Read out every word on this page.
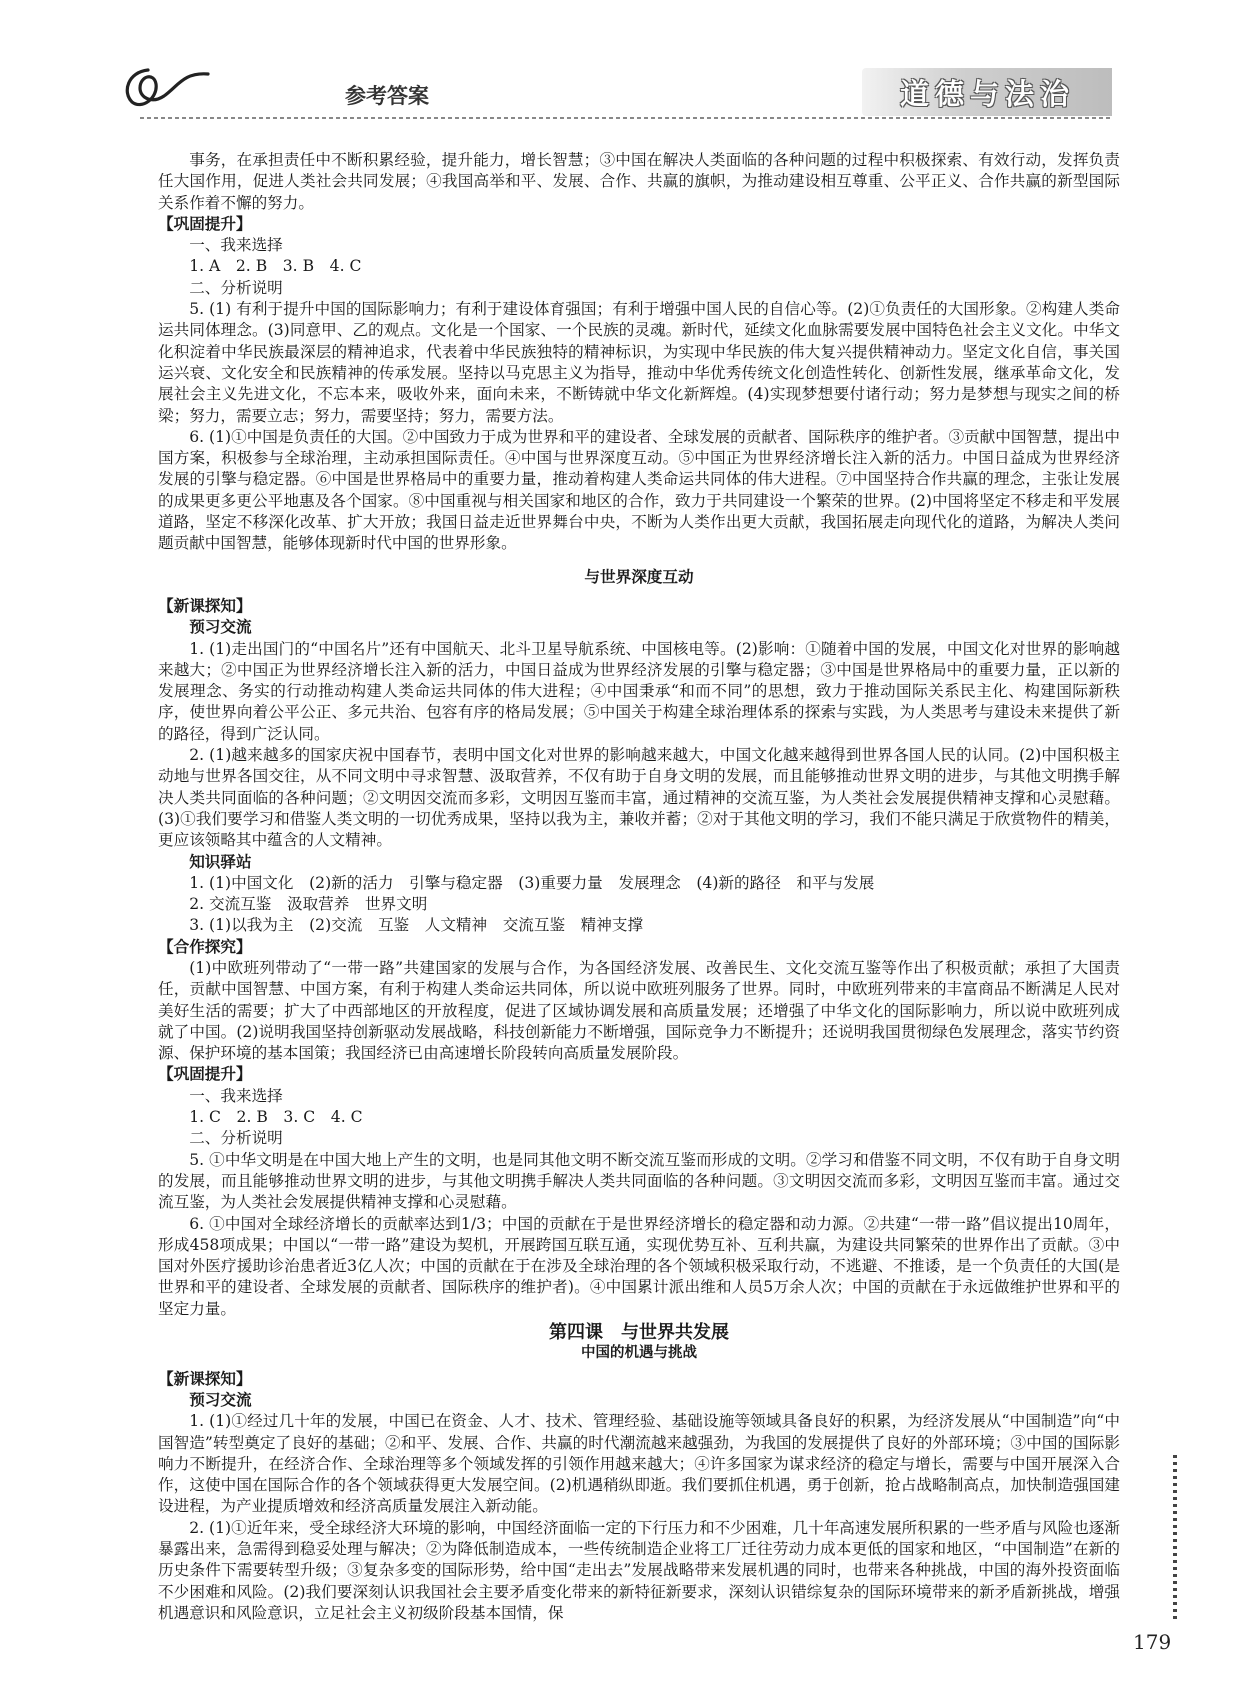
参考答案	道德与法治

事务，在承担责任中不断积累经验，提升能力，增长智慧；③中国在解决人类面临的各种问题的过程中积极探索、有效行动，发挥负责任大国作用，促进人类社会共同发展；④我国高举和平、发展、合作、共赢的旗帜，为推动建设相互尊重、公平正义、合作共赢的新型国际关系作着不懈的努力。

【巩固提升】

一、我来选择

1. A　2. B　3. B　4. C

二、分析说明

5. (1) 有利于提升中国的国际影响力；有利于建设体育强国；有利于增强中国人民的自信心等。(2)①负责任的大国形象。②构建人类命运共同体理念。(3)同意甲、乙的观点。文化是一个国家、一个民族的灵魂。新时代，延续文化血脉需要发展中国特色社会主义文化。中华文化积淀着中华民族最深层的精神追求，代表着中华民族独特的精神标识，为实现中华民族的伟大复兴提供精神动力。坚定文化自信，事关国运兴衰、文化安全和民族精神的传承发展。坚持以马克思主义为指导，推动中华优秀传统文化创造性转化、创新性发展，继承革命文化，发展社会主义先进文化，不忘本来，吸收外来，面向未来，不断铸就中华文化新辉煌。(4)实现梦想要付诸行动；努力是梦想与现实之间的桥梁；努力，需要立志；努力，需要坚持；努力，需要方法。

6. (1)①中国是负责任的大国。②中国致力于成为世界和平的建设者、全球发展的贡献者、国际秩序的维护者。③贡献中国智慧，提出中国方案，积极参与全球治理，主动承担国际责任。④中国与世界深度互动。⑤中国正为世界经济增长注入新的活力。中国日益成为世界经济发展的引擎与稳定器。⑥中国是世界格局中的重要力量，推动着构建人类命运共同体的伟大进程。⑦中国坚持合作共赢的理念，主张让发展的成果更多更公平地惠及各个国家。⑧中国重视与相关国家和地区的合作，致力于共同建设一个繁荣的世界。(2)中国将坚定不移走和平发展道路，坚定不移深化改革、扩大开放；我国日益走近世界舞台中央，不断为人类作出更大贡献，我国拓展走向现代化的道路，为解决人类问题贡献中国智慧，能够体现新时代中国的世界形象。

与世界深度互动

【新课探知】

预习交流

1. (1)走出国门的“中国名片”还有中国航天、北斗卫星导航系统、中国核电等。(2)影响：①随着中国的发展，中国文化对世界的影响越来越大；②中国正为世界经济增长注入新的活力，中国日益成为世界经济发展的引擎与稳定器；③中国是世界格局中的重要力量，正以新的发展理念、务实的行动推动构建人类命运共同体的伟大进程；④中国秉承“和而不同”的思想，致力于推动国际关系民主化、构建国际新秩序，使世界向着公平公正、多元共治、包容有序的格局发展；⑤中国关于构建全球治理体系的探索与实践，为人类思考与建设未来提供了新的路径，得到广泛认同。

2. (1)越来越多的国家庆祝中国春节，表明中国文化对世界的影响越来越大，中国文化越来越得到世界各国人民的认同。(2)中国积极主动地与世界各国交往，从不同文明中寻求智慧、汲取营养，不仅有助于自身文明的发展，而且能够推动世界文明的进步，与其他文明携手解决人类共同面临的各种问题；②文明因交流而多彩，文明因互鉴而丰富，通过精神的交流互鉴，为人类社会发展提供精神支撑和心灵慰藉。(3)①我们要学习和借鉴人类文明的一切优秀成果，坚持以我为主，兼收并蓄；②对于其他文明的学习，我们不能只满足于欣赏物件的精美，更应该领略其中蕴含的人文精神。

知识驿站

1. (1)中国文化　(2)新的活力　引擎与稳定器　(3)重要力量　发展理念　(4)新的路径　和平与发展

2. 交流互鉴　汲取营养　世界文明

3. (1)以我为主　(2)交流　互鉴　人文精神　交流互鉴　精神支撑

【合作探究】

(1)中欧班列带动了“一带一路”共建国家的发展与合作，为各国经济发展、改善民生、文化交流互鉴等作出了积极贡献；承担了大国责任，贡献中国智慧、中国方案，有利于构建人类命运共同体，所以说中欧班列服务了世界。同时，中欧班列带来的丰富商品不断满足人民对美好生活的需要；扩大了中西部地区的开放程度，促进了区域协调发展和高质量发展；还增强了中华文化的国际影响力，所以说中欧班列成就了中国。(2)说明我国坚持创新驱动发展战略，科技创新能力不断增强，国际竞争力不断提升；还说明我国贯彻绿色发展理念，落实节约资源、保护环境的基本国策；我国经济已由高速增长阶段转向高质量发展阶段。

【巩固提升】

一、我来选择

1. C　2. B　3. C　4. C

二、分析说明

5. ①中华文明是在中国大地上产生的文明，也是同其他文明不断交流互鉴而形成的文明。②学习和借鉴不同文明，不仅有助于自身文明的发展，而且能够推动世界文明的进步，与其他文明携手解决人类共同面临的各种问题。③文明因交流而多彩，文明因互鉴而丰富。通过交流互鉴，为人类社会发展提供精神支撑和心灵慰藉。

6. ①中国对全球经济增长的贡献率达到1/3；中国的贡献在于是世界经济增长的稳定器和动力源。②共建“一带一路”倡议提出10周年，形成458项成果；中国以“一带一路”建设为契机，开展跨国互联互通，实现优势互补、互利共赢，为建设共同繁荣的世界作出了贡献。③中国对外医疗援助诊治患者近3亿人次；中国的贡献在于在涉及全球治理的各个领域积极采取行动，不逃避、不推诿，是一个负责任的大国(是世界和平的建设者、全球发展的贡献者、国际秩序的维护者)。④中国累计派出维和人员5万余人次；中国的贡献在于永远做维护世界和平的坚定力量。

第四课　与世界共发展

中国的机遇与挑战

【新课探知】

预习交流

1. (1)①经过几十年的发展，中国已在资金、人才、技术、管理经验、基础设施等领域具备良好的积累，为经济发展从“中国制造”向“中国智造”转型奠定了良好的基础；②和平、发展、合作、共赢的时代潮流越来越强劲，为我国的发展提供了良好的外部环境；③中国的国际影响力不断提升，在经济合作、全球治理等多个领域发挥的引领作用越来越大；④许多国家为谋求经济的稳定与增长，需要与中国开展深入合作，这使中国在国际合作的各个领域获得更大发展空间。(2)机遇稍纵即逝。我们要抓住机遇，勇于创新，抢占战略制高点，加快制造强国建设进程，为产业提质增效和经济高质量发展注入新动能。

2. (1)①近年来，受全球经济大环境的影响，中国经济面临一定的下行压力和不少困难，几十年高速发展所积累的一些矛盾与风险也逐渐暴露出来，急需得到稳妥处理与解决；②为降低制造成本，一些传统制造企业将工厂迁往劳动力成本更低的国家和地区，“中国制造”在新的历史条件下需要转型升级；③复杂多变的国际形势，给中国“走出去”发展战略带来发展机遇的同时，也带来各种挑战，中国的海外投资面临不少困难和风险。(2)我们要深刻认识我国社会主要矛盾变化带来的新特征新要求，深刻认识错综复杂的国际环境带来的新矛盾新挑战，增强机遇意识和风险意识，立足社会主义初级阶段基本国情，保

179
